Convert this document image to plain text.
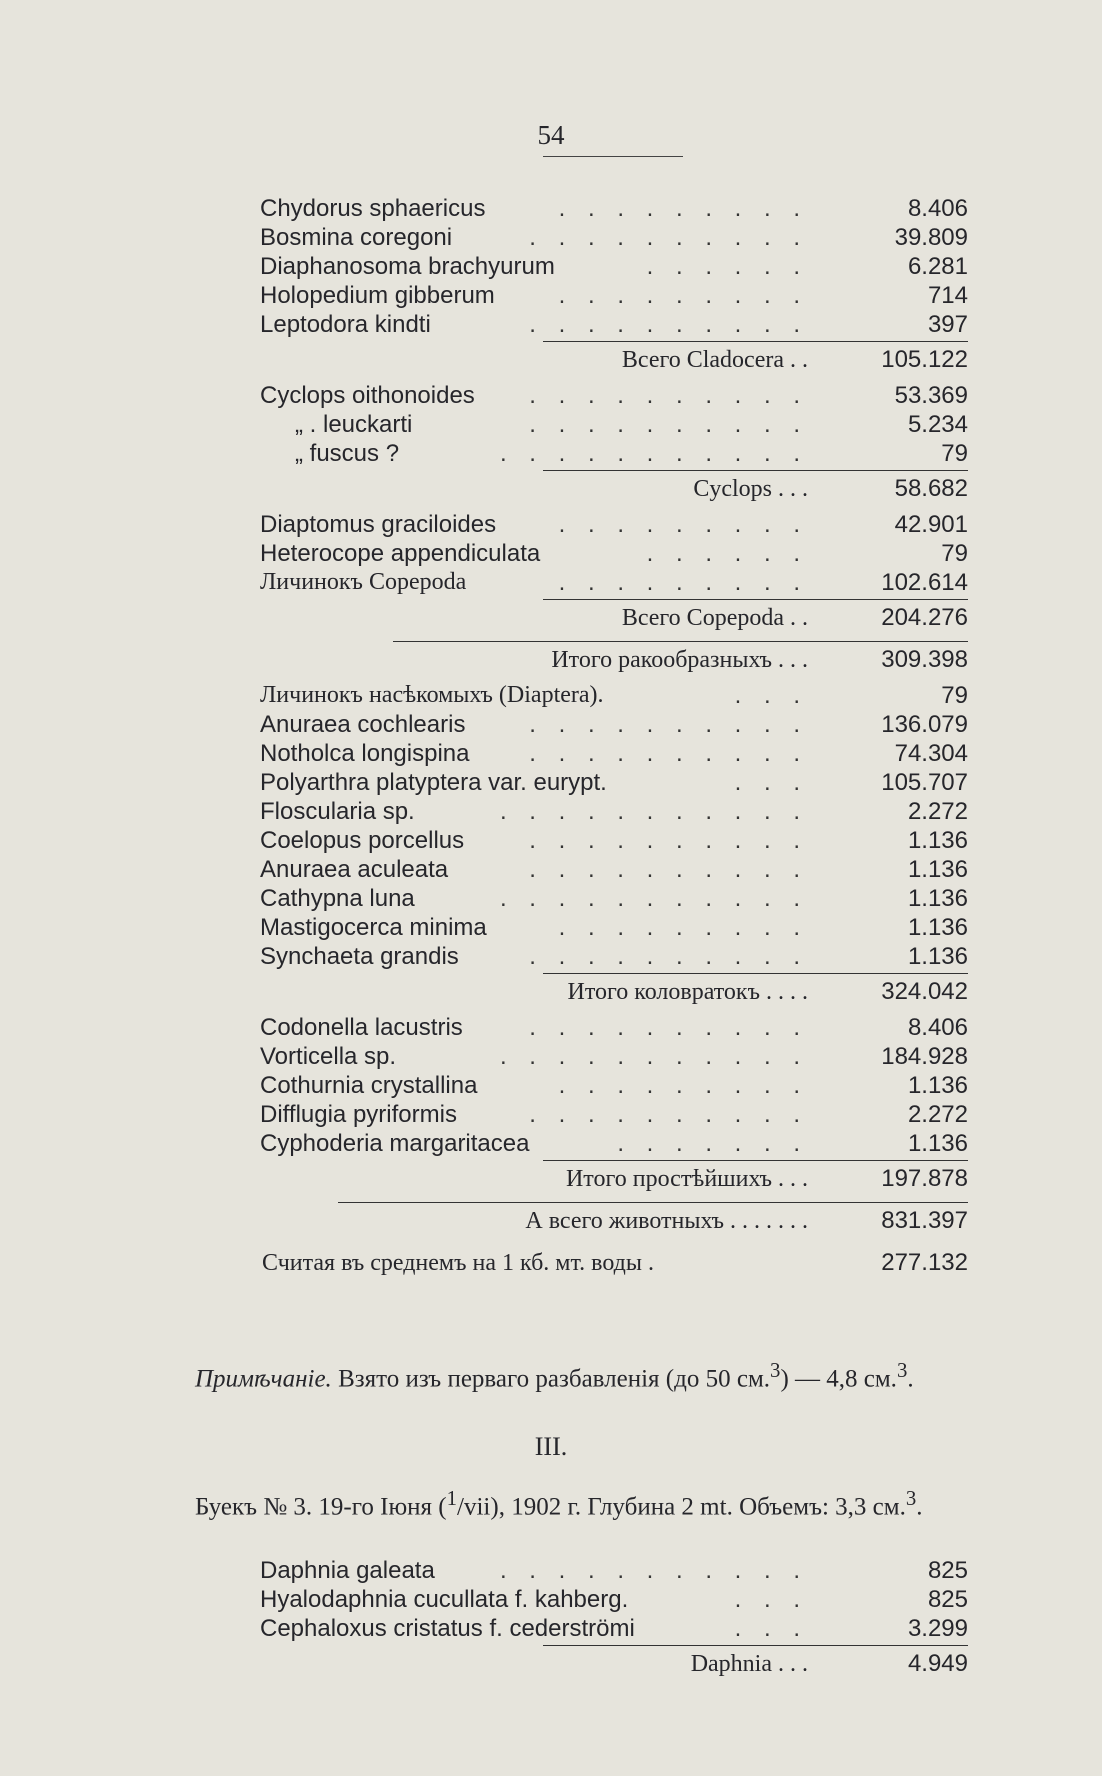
54
Chydorus sphaericus	. . . . . . . . .	8.406
Bosmina coregoni	. . . . . . . . . .	39.809
Diaphanosoma brachyurum	. . . . . .	6.281
Holopedium gibberum	. . . . . . . . .	714
Leptodora kindti	. . . . . . . . . .	397
Всего Cladocera . .	105.122
Cyclops oithonoides . . . . . . . . . .	53.369
„ . leuckarti	. . . . . . . . . .	5.234
„ fuscus ?	. . . . . . . . . . .	79
Cyclops . . .	58.682
Diaptomus graciloides	. . . . . . . . .	42.901
Heterocope appendiculata	. . . . . .	79
Личинокъ Copepoda	. . . . . . . . .	102.614
Всего Copepoda . .	204.276
Итого ракообразныхъ . . .	309.398
Личинокъ насѣкомыхъ (Diaptera).	. . .	79
Anuraea cochlearis	. . . . . . . . . .	136.079
Notholca longispina . . . . . . . . . .	74.304
Polyarthra platyptera var. eurypt.	. . .	105.707
Floscularia sp.	. . . . . . . . . . .	2.272
Coelopus porcellus	. . . . . . . . . .	1.136
Anuraea aculeata	. . . . . . . . . .	1.136
Cathypna luna	. . . . . . . . . . .	1.136
Mastigocerca minima	. . . . . . . . .	1.136
Synchaeta grandis	. . . . . . . . . .	1.136
Итого коловратокъ . . . .	324.042
Codonella lacustris	. . . . . . . . . .	8.406
Vorticella sp.	. . . . . . . . . . .	184.928
Cothurnia crystallina	. . . . . . . . .	1.136
Difflugia pyriformis	. . . . . . . . . .	2.272
Cyphoderia margaritacea	. . . . . . .	1.136
Итого простѣйшихъ . . .	197.878
А всего животныхъ . . . . . . .	831.397
Считая въ среднемъ на 1 кб. мт. воды .	277.132
Примѣчаніе. Взято изъ перваго разбавленія (до 50 см.$^3$) — 4,8 см.$^3$.
III.
Буекъ № 3. 19-го Іюня ($^1$/vii), 1902 г. Глубина 2 mt. Объемъ: 3,3 см.$^3$.
Daphnia galeata	. . . . . . . . . . .	825
Hyalodaphnia cucullata f. kahberg.	. . .	825
Cephaloxus cristatus f. cederströmi	. . .	3.299
Daphnia . . .	4.949
